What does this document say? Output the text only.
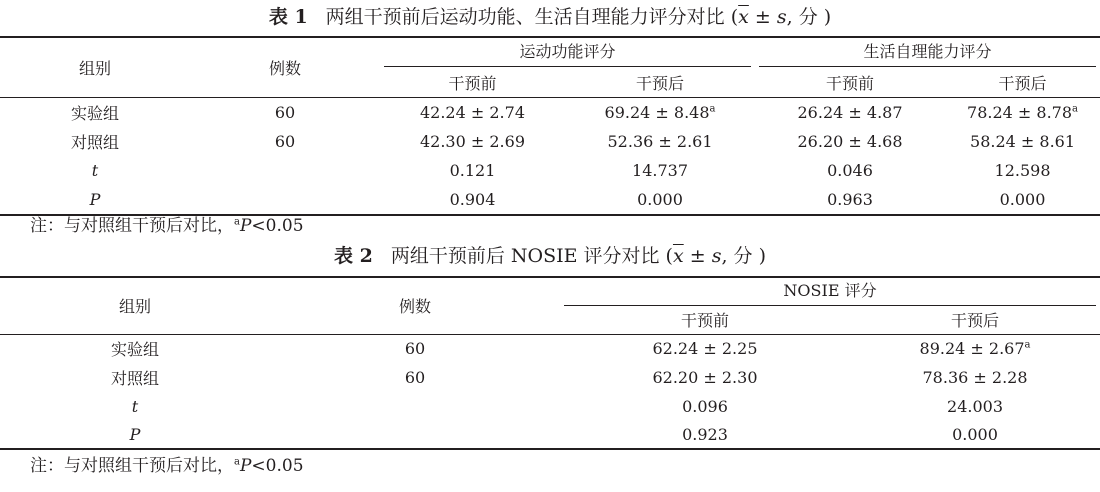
表 1 两组干预前后运动功能、生活自理能力评分对比 ($\overline{x} \pm s$, 分 )
组别	例数	运动功能评分		生活自理能力评分	

		干预前	干预后	干预前	干预后
实验组	60	42.24 ± 2.74	69.24 ± 8.48$^a$	26.24 ± 4.87	78.24 ± 8.78$^a$
对照组	60	42.30 ± 2.69	52.36 ± 2.61	26.20 ± 4.68	58.24 ± 8.61
t		0.121	14.737	0.046	12.598
P		0.904	0.000	0.963	0.000
注：与对照组干预后对比，$^a$P<0.05
表 2 两组干预前后 NOSIE 评分对比 ($\overline{x} \pm s$, 分 )
组别	例数	NOSIE 评分	

		干预前	干预后
实验组	60	62.24 ± 2.25	89.24 ± 2.67$^a$
对照组	60	62.20 ± 2.30	78.36 ± 2.28
t		0.096	24.003
P		0.923	0.000
注：与对照组干预后对比，$^a$P<0.05
